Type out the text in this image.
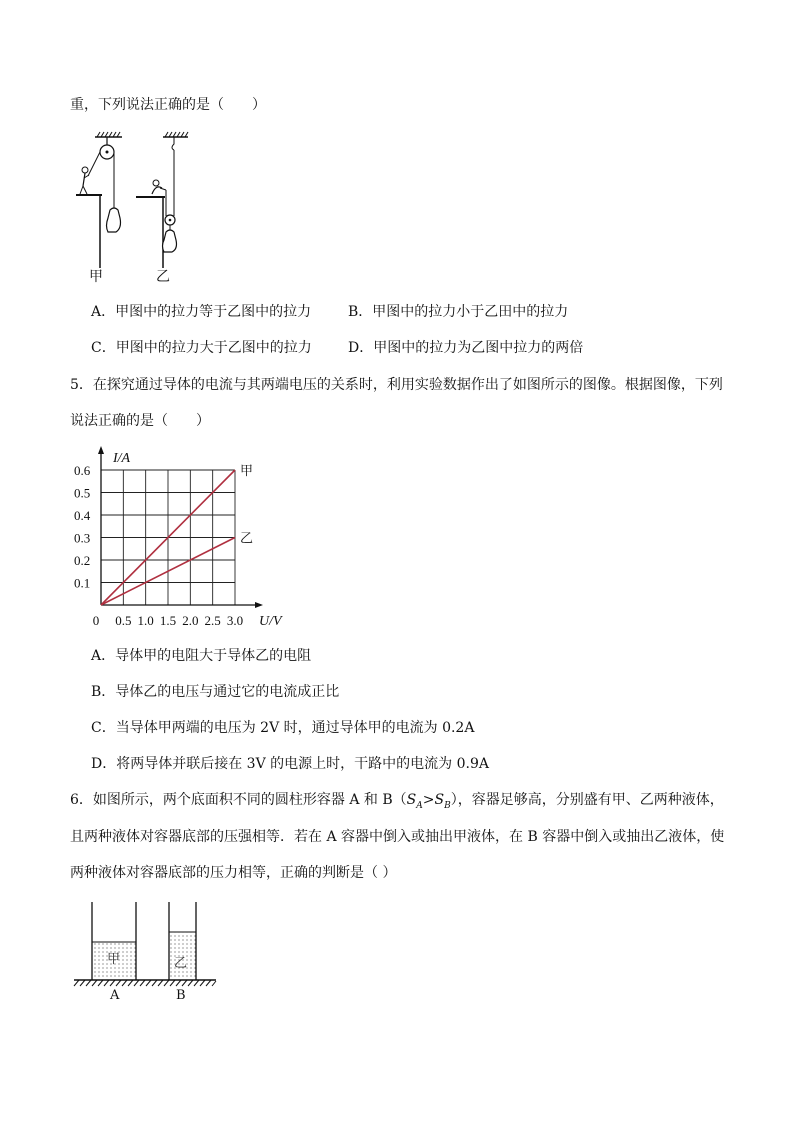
重，下列说法正确的是（　　）
甲	乙
A．甲图中的拉力等于乙图中的拉力	B．甲图中的拉力小于乙田中的拉力
C．甲图中的拉力大于乙图中的拉力	D．甲图中的拉力为乙图中拉力的两倍
5．在探究通过导体的电流与其两端电压的关系时，利用实验数据作出了如图所示的图像。根据图像，下列
说法正确的是（　　）
0.1
0.2
0.3
0.4
0.5
0.6
0.5 1.0 1.5 2.0 2.5 3.0
0
I/A
U/V
甲
乙
A．导体甲的电阻大于导体乙的电阻
B．导体乙的电压与通过它的电流成正比
C．当导体甲两端的电压为 2V 时，通过导体甲的电流为 0.2A
D．将两导体并联后接在 3V 的电源上时，干路中的电流为 0.9A
6．如图所示，两个底面积不同的圆柱形容器 A 和 $B(S_A>S_B)$，容器足够高，分别盛有甲、乙两种液体，
且两种液体对容器底部的压强相等．若在 A 容器中倒入或抽出甲液体，在 B 容器中倒入或抽出乙液体，使
两种液体对容器底部的压力相等，正确的判断是（ ）
甲	乙
A	B
